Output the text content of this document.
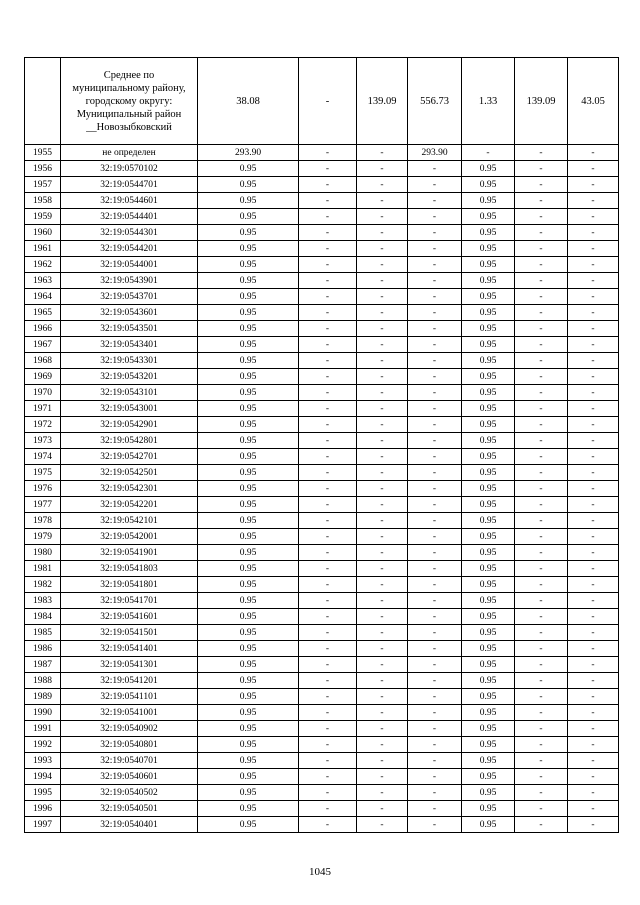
	Среднее по
муниципальному району,
городскому округу:
Муниципальный район
__Новозыбковский	38.08	-	139.09	556.73	1.33	139.09	43.05
1955	не определен	293.90	-	-	293.90	-	-	-
1956	32:19:0570102	0.95	-	-	-	0.95	-	-
1957	32:19:0544701	0.95	-	-	-	0.95	-	-
1958	32:19:0544601	0.95	-	-	-	0.95	-	-
1959	32:19:0544401	0.95	-	-	-	0.95	-	-
1960	32:19:0544301	0.95	-	-	-	0.95	-	-
1961	32:19:0544201	0.95	-	-	-	0.95	-	-
1962	32:19:0544001	0.95	-	-	-	0.95	-	-
1963	32:19:0543901	0.95	-	-	-	0.95	-	-
1964	32:19:0543701	0.95	-	-	-	0.95	-	-
1965	32:19:0543601	0.95	-	-	-	0.95	-	-
1966	32:19:0543501	0.95	-	-	-	0.95	-	-
1967	32:19:0543401	0.95	-	-	-	0.95	-	-
1968	32:19:0543301	0.95	-	-	-	0.95	-	-
1969	32:19:0543201	0.95	-	-	-	0.95	-	-
1970	32:19:0543101	0.95	-	-	-	0.95	-	-
1971	32:19:0543001	0.95	-	-	-	0.95	-	-
1972	32:19:0542901	0.95	-	-	-	0.95	-	-
1973	32:19:0542801	0.95	-	-	-	0.95	-	-
1974	32:19:0542701	0.95	-	-	-	0.95	-	-
1975	32:19:0542501	0.95	-	-	-	0.95	-	-
1976	32:19:0542301	0.95	-	-	-	0.95	-	-
1977	32:19:0542201	0.95	-	-	-	0.95	-	-
1978	32:19:0542101	0.95	-	-	-	0.95	-	-
1979	32:19:0542001	0.95	-	-	-	0.95	-	-
1980	32:19:0541901	0.95	-	-	-	0.95	-	-
1981	32:19:0541803	0.95	-	-	-	0.95	-	-
1982	32:19:0541801	0.95	-	-	-	0.95	-	-
1983	32:19:0541701	0.95	-	-	-	0.95	-	-
1984	32:19:0541601	0.95	-	-	-	0.95	-	-
1985	32:19:0541501	0.95	-	-	-	0.95	-	-
1986	32:19:0541401	0.95	-	-	-	0.95	-	-
1987	32:19:0541301	0.95	-	-	-	0.95	-	-
1988	32:19:0541201	0.95	-	-	-	0.95	-	-
1989	32:19:0541101	0.95	-	-	-	0.95	-	-
1990	32:19:0541001	0.95	-	-	-	0.95	-	-
1991	32:19:0540902	0.95	-	-	-	0.95	-	-
1992	32:19:0540801	0.95	-	-	-	0.95	-	-
1993	32:19:0540701	0.95	-	-	-	0.95	-	-
1994	32:19:0540601	0.95	-	-	-	0.95	-	-
1995	32:19:0540502	0.95	-	-	-	0.95	-	-
1996	32:19:0540501	0.95	-	-	-	0.95	-	-
1997	32:19:0540401	0.95	-	-	-	0.95	-	-
1045
